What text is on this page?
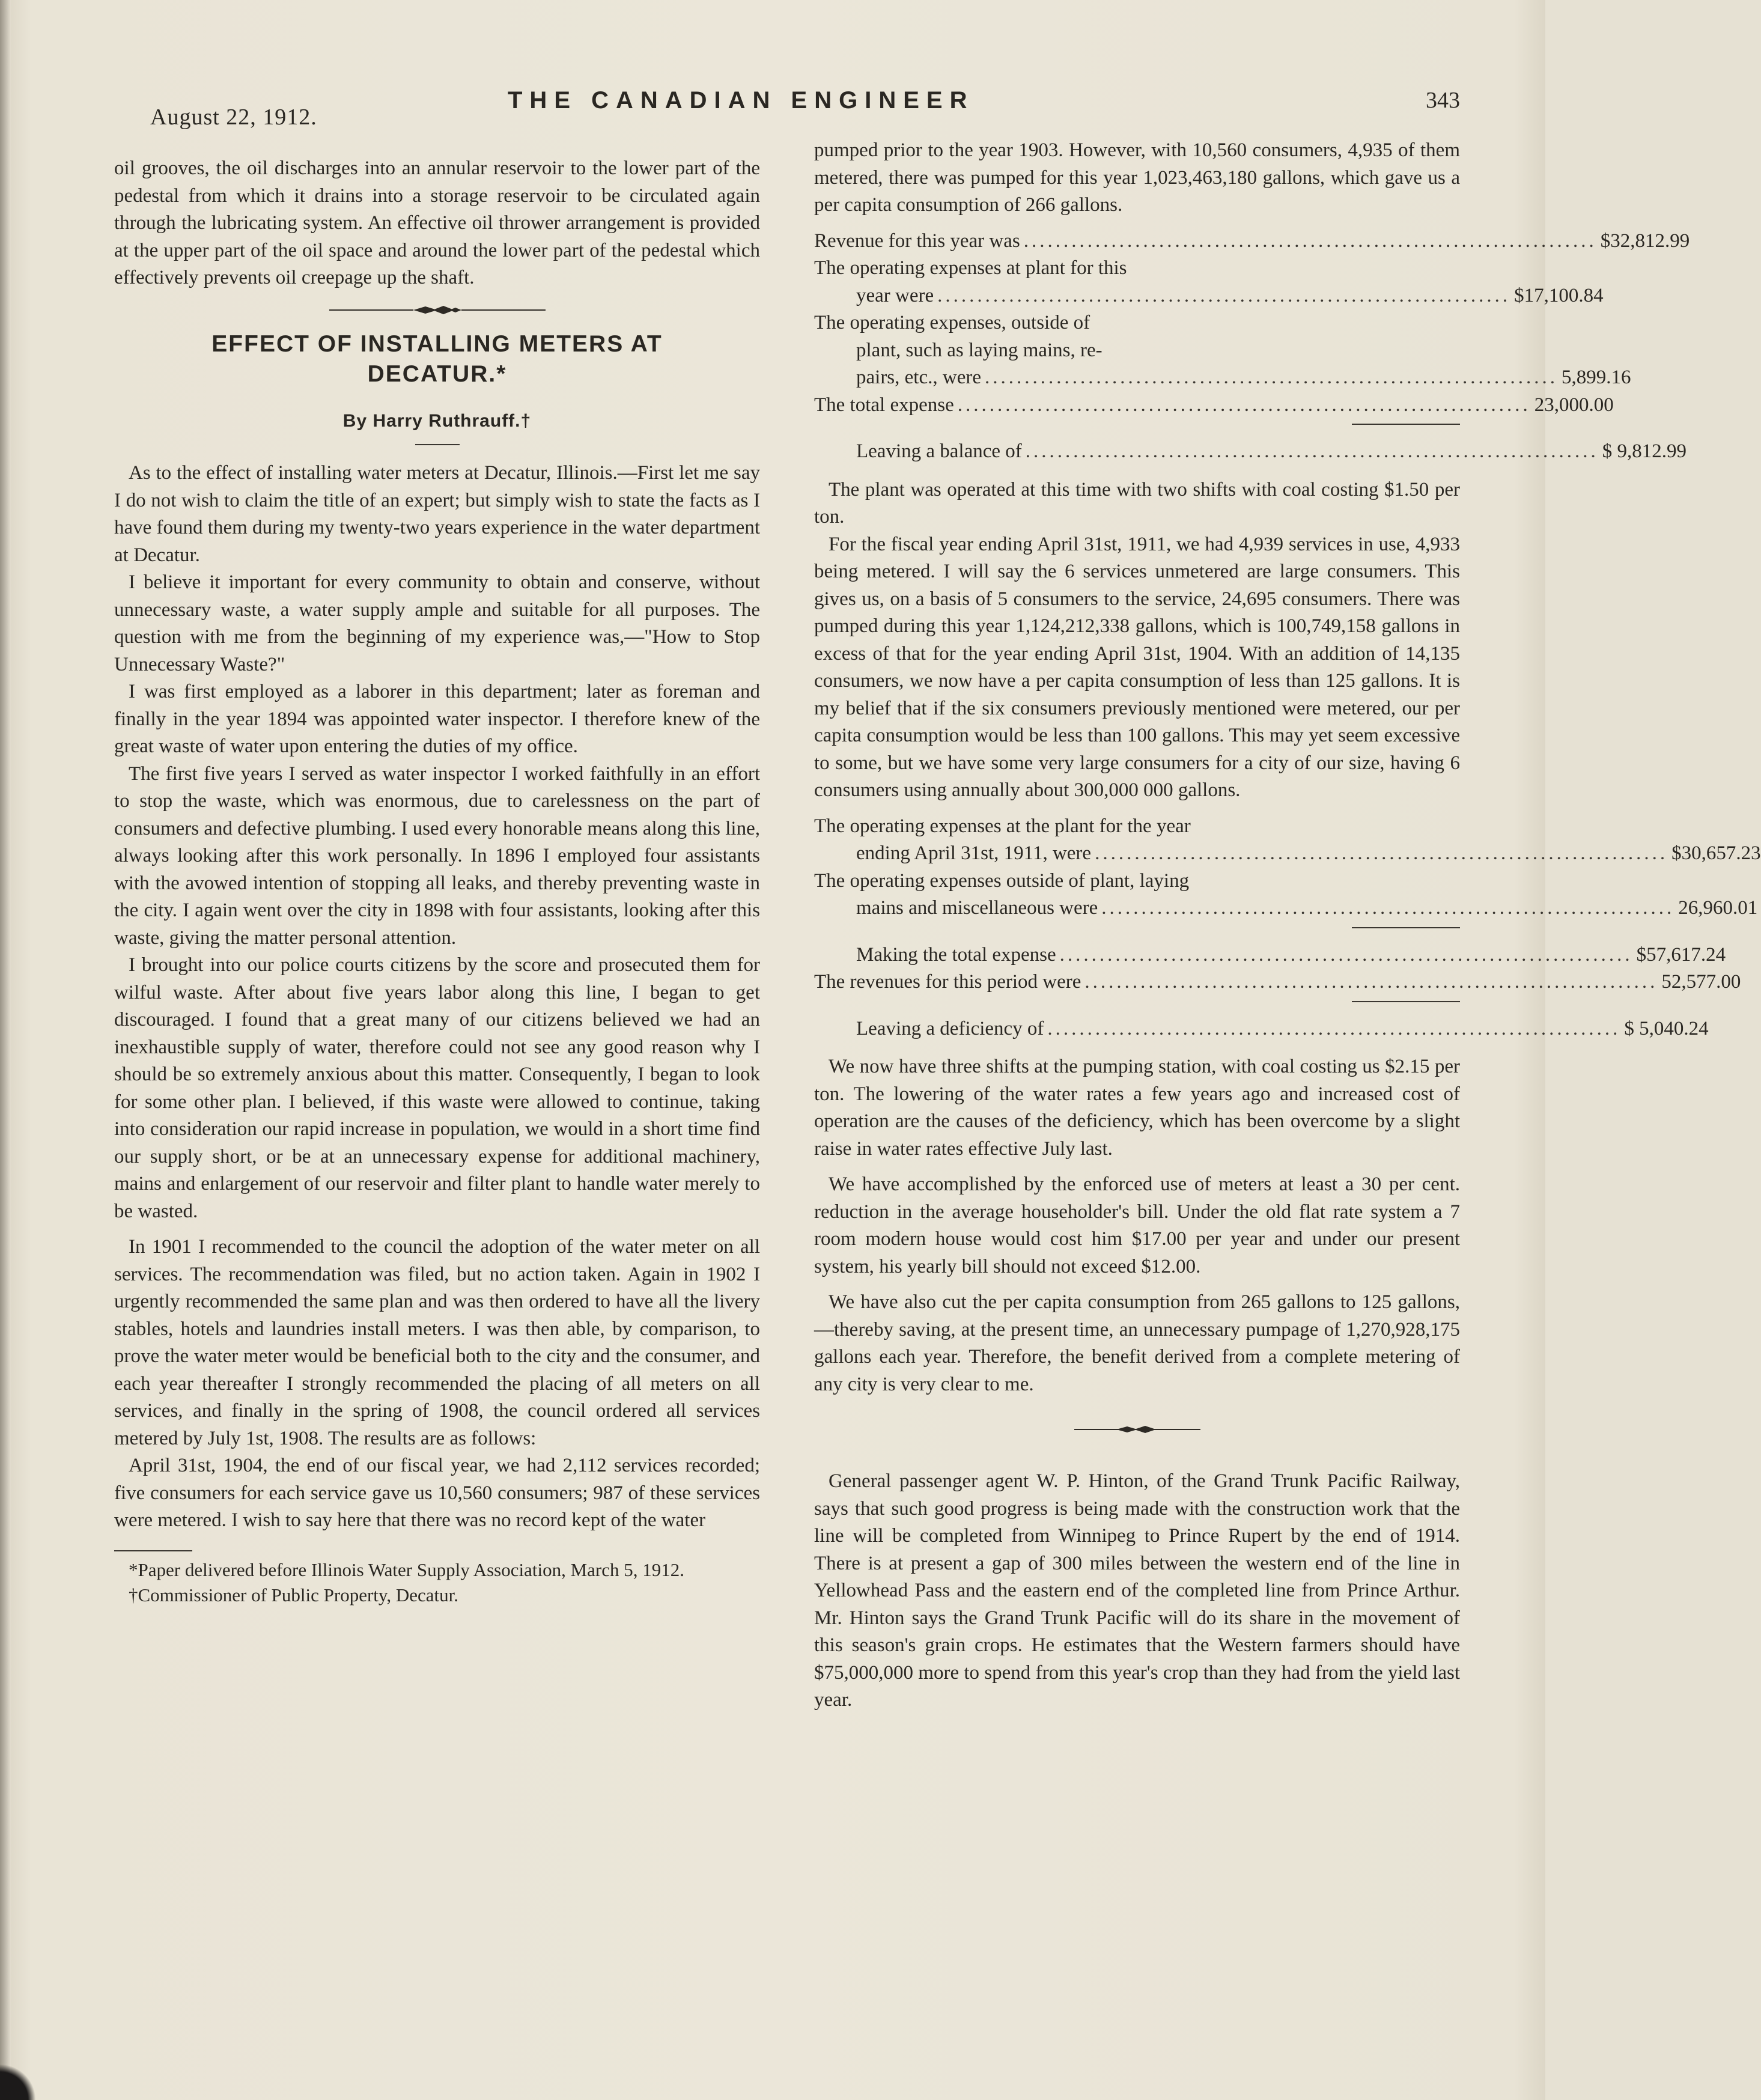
August 22, 1912.
THE CANADIAN ENGINEER	343

oil grooves, the oil discharges into an annular reservoir to the lower part of the pedestal from which it drains into a storage reservoir to be circulated again through the lubricating system. An effective oil thrower arrangement is provided at the upper part of the oil space and around the lower part of the pedestal which effectively prevents oil creepage up the shaft.

EFFECT OF INSTALLING METERS AT
DECATUR.*
By Harry Ruthrauff.†

As to the effect of installing water meters at Decatur, Illinois.—First let me say I do not wish to claim the title of an expert; but simply wish to state the facts as I have found them during my twenty-two years experience in the water department at Decatur.

I believe it important for every community to obtain and conserve, without unnecessary waste, a water supply ample and suitable for all purposes. The question with me from the beginning of my experience was,—"How to Stop Unnecessary Waste?"

I was first employed as a laborer in this department; later as foreman and finally in the year 1894 was appointed water inspector. I therefore knew of the great waste of water upon entering the duties of my office.

The first five years I served as water inspector I worked faithfully in an effort to stop the waste, which was enormous, due to carelessness on the part of consumers and defective plumbing. I used every honorable means along this line, always looking after this work personally. In 1896 I employed four assistants with the avowed intention of stopping all leaks, and thereby preventing waste in the city. I again went over the city in 1898 with four assistants, looking after this waste, giving the matter personal attention.

I brought into our police courts citizens by the score and prosecuted them for wilful waste. After about five years labor along this line, I began to get discouraged. I found that a great many of our citizens believed we had an inexhaustible supply of water, therefore could not see any good reason why I should be so extremely anxious about this matter. Consequently, I began to look for some other plan. I believed, if this waste were allowed to continue, taking into consideration our rapid increase in population, we would in a short time find our supply short, or be at an unnecessary expense for additional machinery, mains and enlargement of our reservoir and filter plant to handle water merely to be wasted.

In 1901 I recommended to the council the adoption of the water meter on all services. The recommendation was filed, but no action taken. Again in 1902 I urgently recommended the same plan and was then ordered to have all the livery stables, hotels and laundries install meters. I was then able, by comparison, to prove the water meter would be beneficial both to the city and the consumer, and each year thereafter I strongly recommended the placing of all meters on all services, and finally in the spring of 1908, the council ordered all services metered by July 1st, 1908. The results are as follows:

April 31st, 1904, the end of our fiscal year, we had 2,112 services recorded; five consumers for each service gave us 10,560 consumers; 987 of these services were metered. I wish to say here that there was no record kept of the water

*Paper delivered before Illinois Water Supply Association, March 5, 1912.

†Commissioner of Public Property, Decatur.

pumped prior to the year 1903. However, with 10,560 consumers, 4,935 of them metered, there was pumped for this year 1,023,463,180 gallons, which gave us a per capita consumption of 266 gallons.

Revenue for this year was ........................................................................ $32,812.99
The operating expenses at plant for this
year were ........................................................................ $17,100.84
The operating expenses, outside of
plant, such as laying mains, re-
pairs, etc., were ........................................................................ 5,899.16
The total expense ........................................................................ 23,000.00
Leaving a balance of ........................................................................ $ 9,812.99

The plant was operated at this time with two shifts with coal costing $1.50 per ton.

For the fiscal year ending April 31st, 1911, we had 4,939 services in use, 4,933 being metered. I will say the 6 services unmetered are large consumers. This gives us, on a basis of 5 consumers to the service, 24,695 consumers. There was pumped during this year 1,124,212,338 gallons, which is 100,749,158 gallons in excess of that for the year ending April 31st, 1904. With an addition of 14,135 consumers, we now have a per capita consumption of less than 125 gallons. It is my belief that if the six consumers previously mentioned were metered, our per capita consumption would be less than 100 gallons. This may yet seem excessive to some, but we have some very large consumers for a city of our size, having 6 consumers using annually about 300,000 000 gallons.

The operating expenses at the plant for the year
ending April 31st, 1911, were ........................................................................ $30,657.23
The operating expenses outside of plant, laying
mains and miscellaneous were ........................................................................ 26,960.01
Making the total expense ........................................................................ $57,617.24
The revenues for this period were ........................................................................ 52,577.00
Leaving a deficiency of ........................................................................ $ 5,040.24

We now have three shifts at the pumping station, with coal costing us $2.15 per ton. The lowering of the water rates a few years ago and increased cost of operation are the causes of the deficiency, which has been overcome by a slight raise in water rates effective July last.

We have accomplished by the enforced use of meters at least a 30 per cent. reduction in the average householder's bill. Under the old flat rate system a 7 room modern house would cost him $17.00 per year and under our present system, his yearly bill should not exceed $12.00.

We have also cut the per capita consumption from 265 gallons to 125 gallons,—thereby saving, at the present time, an unnecessary pumpage of 1,270,928,175 gallons each year. Therefore, the benefit derived from a complete metering of any city is very clear to me.

General passenger agent W. P. Hinton, of the Grand Trunk Pacific Railway, says that such good progress is being made with the construction work that the line will be completed from Winnipeg to Prince Rupert by the end of 1914. There is at present a gap of 300 miles between the western end of the line in Yellowhead Pass and the eastern end of the completed line from Prince Arthur. Mr. Hinton says the Grand Trunk Pacific will do its share in the movement of this season's grain crops. He estimates that the Western farmers should have $75,000,000 more to spend from this year's crop than they had from the yield last year.
